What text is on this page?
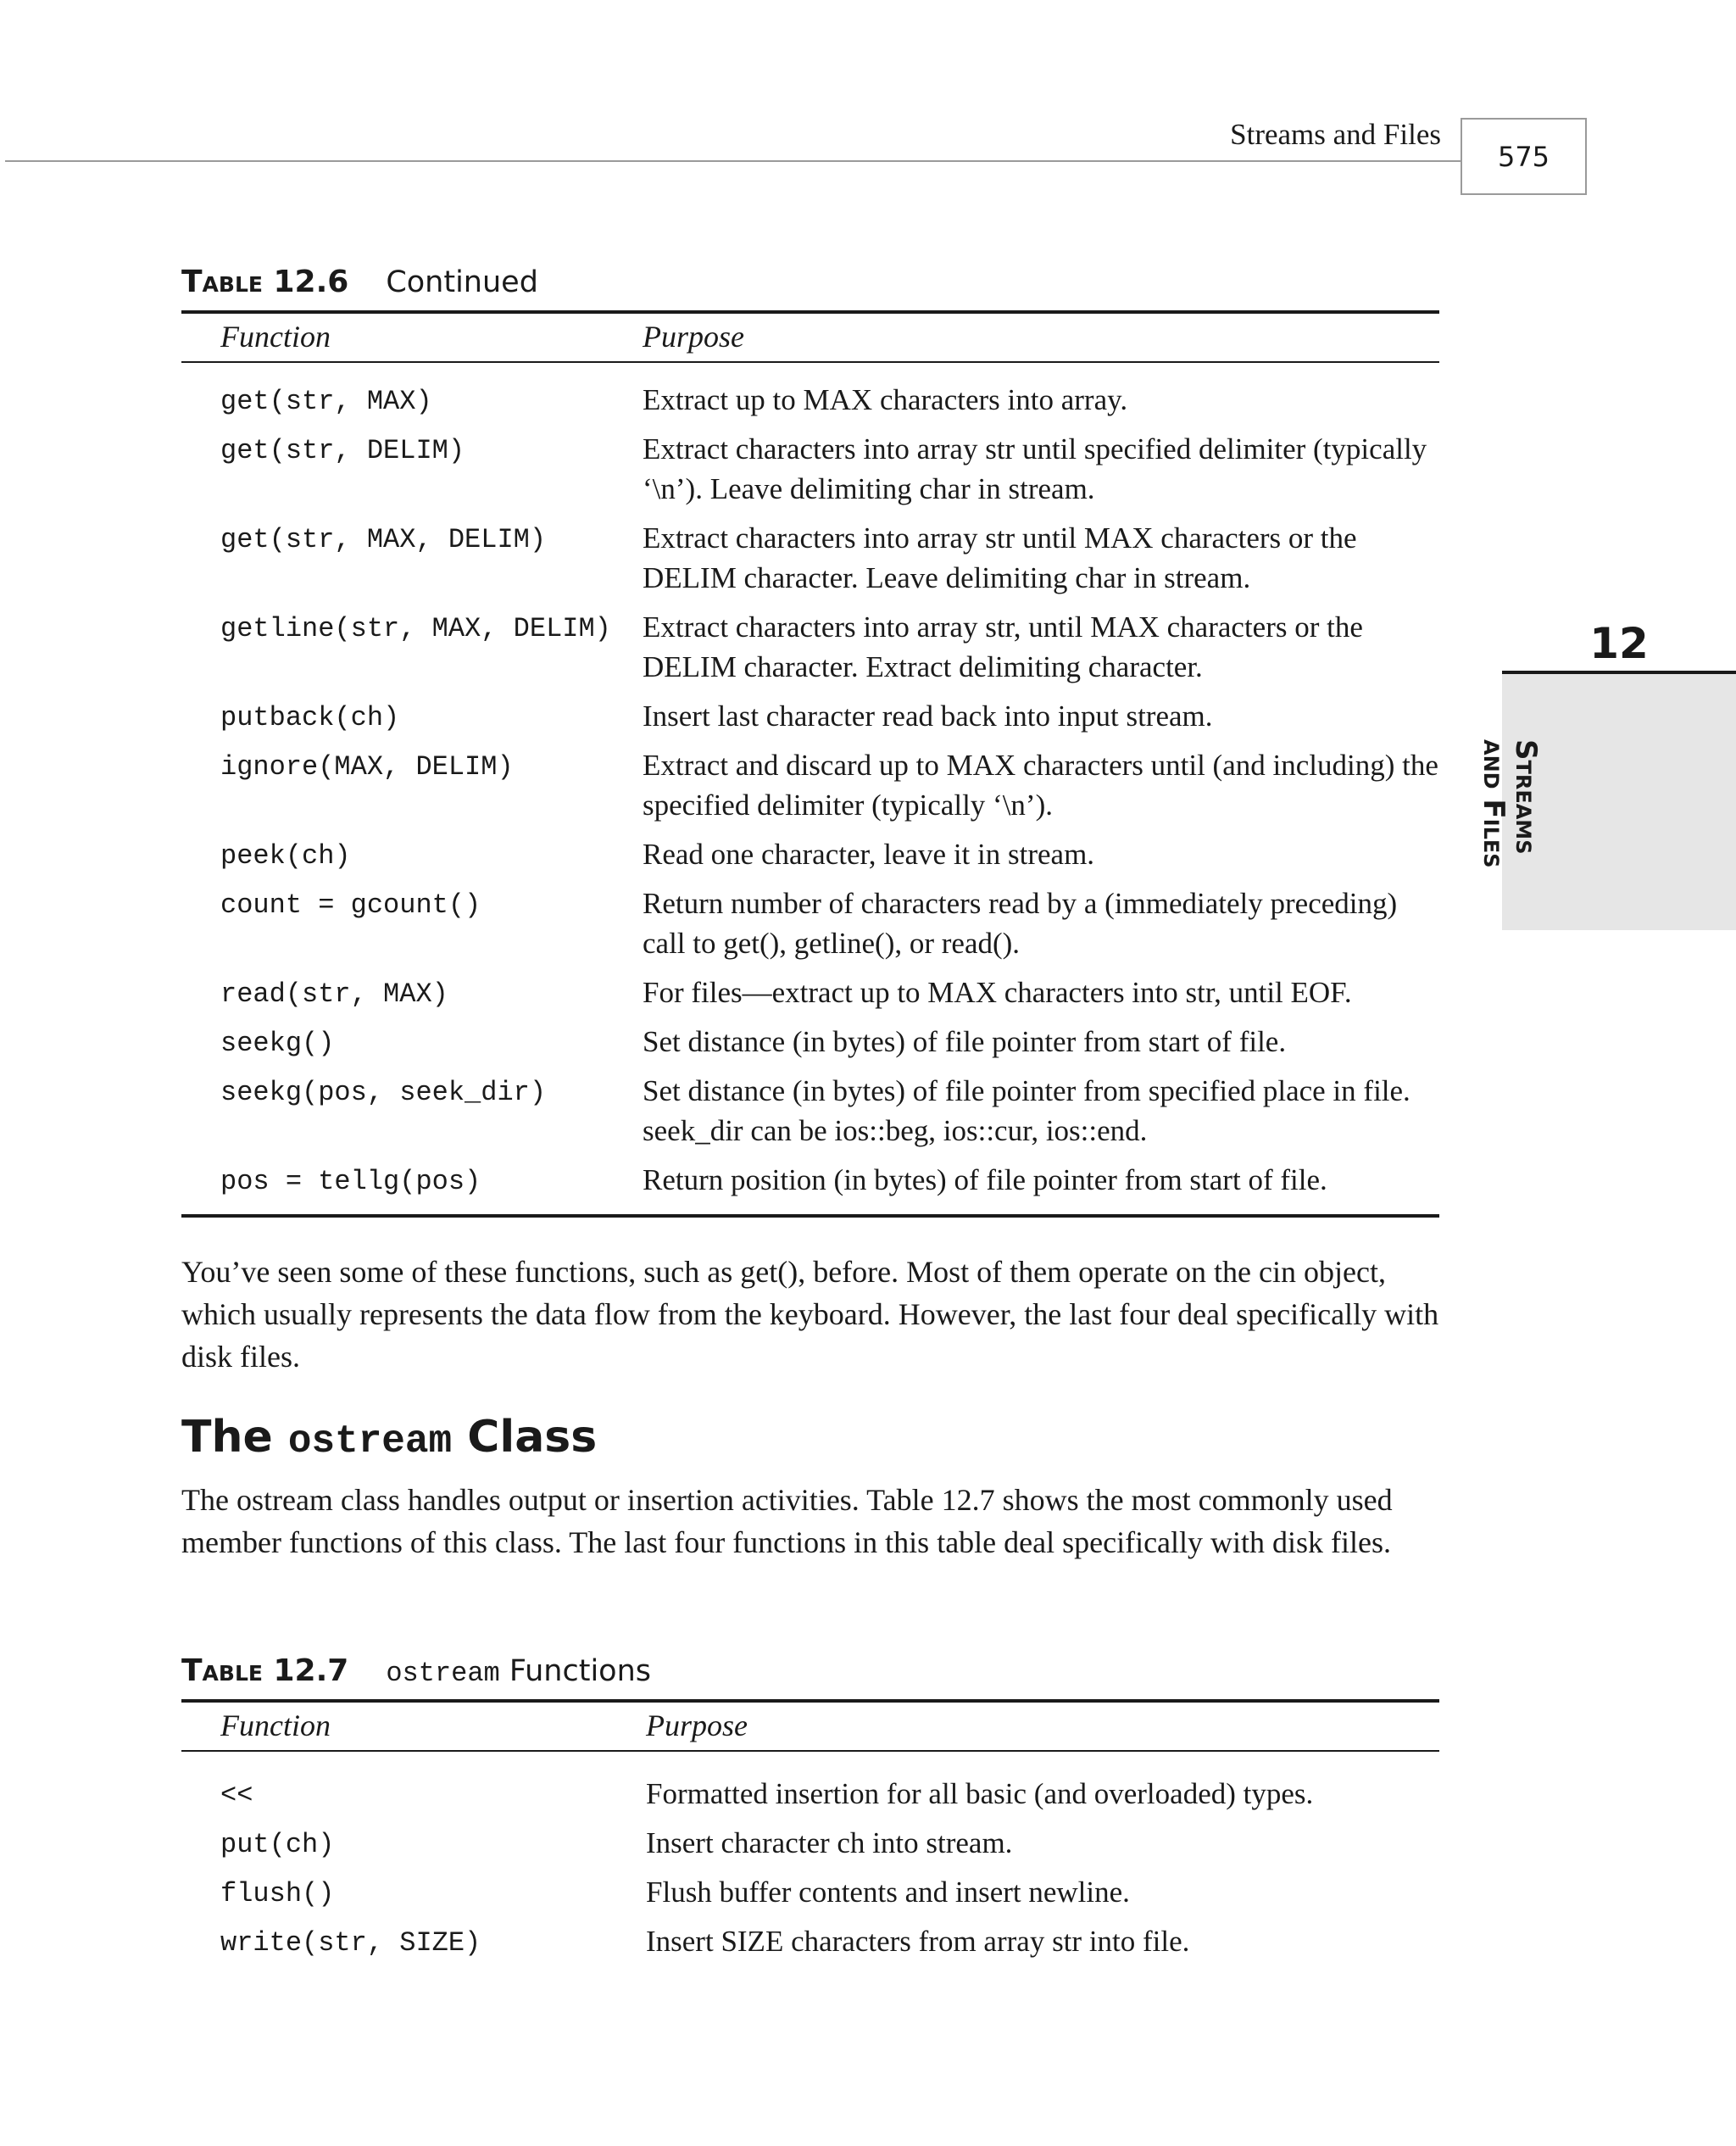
Streams and Files
575
12
Streams
and Files
Table 12.6 Continued
Function	Purpose
get(str, MAX)	Extract up to MAX characters into array.
get(str, DELIM)	Extract characters into array str until specified delimiter (typically ‘\n’). Leave delimiting char in stream.
get(str, MAX, DELIM)	Extract characters into array str until MAX characters or the DELIM character. Leave delimiting char in stream.
getline(str, MAX, DELIM) Extract characters into array str, until MAX characters or the DELIM character. Extract delimiting character.
putback(ch)	Insert last character read back into input stream.
ignore(MAX, DELIM)	Extract and discard up to MAX characters until (and including) the specified delimiter (typically ‘\n’).
peek(ch)	Read one character, leave it in stream.
count = gcount()	Return number of characters read by a (immediately preceding) call to get(), getline(), or read().
read(str, MAX)	For files—extract up to MAX characters into str, until EOF.
seekg()	Set distance (in bytes) of file pointer from start of file.
seekg(pos, seek_dir)	Set distance (in bytes) of file pointer from specified place in file. seek_dir can be ios::beg, ios::cur, ios::end.
pos = tellg(pos)	Return position (in bytes) of file pointer from start of file.
You’ve seen some of these functions, such as get(), before. Most of them operate on the cin object, which usually represents the data flow from the keyboard. However, the last four deal specifically with disk files.
The ostream Class
The ostream class handles output or insertion activities. Table 12.7 shows the most commonly used member functions of this class. The last four functions in this table deal specifically with disk files.
Table 12.7 ostream Functions
Function	Purpose
<<	Formatted insertion for all basic (and overloaded) types.
put(ch)	Insert character ch into stream.
flush()	Flush buffer contents and insert newline.
write(str, SIZE)	Insert SIZE characters from array str into file.
